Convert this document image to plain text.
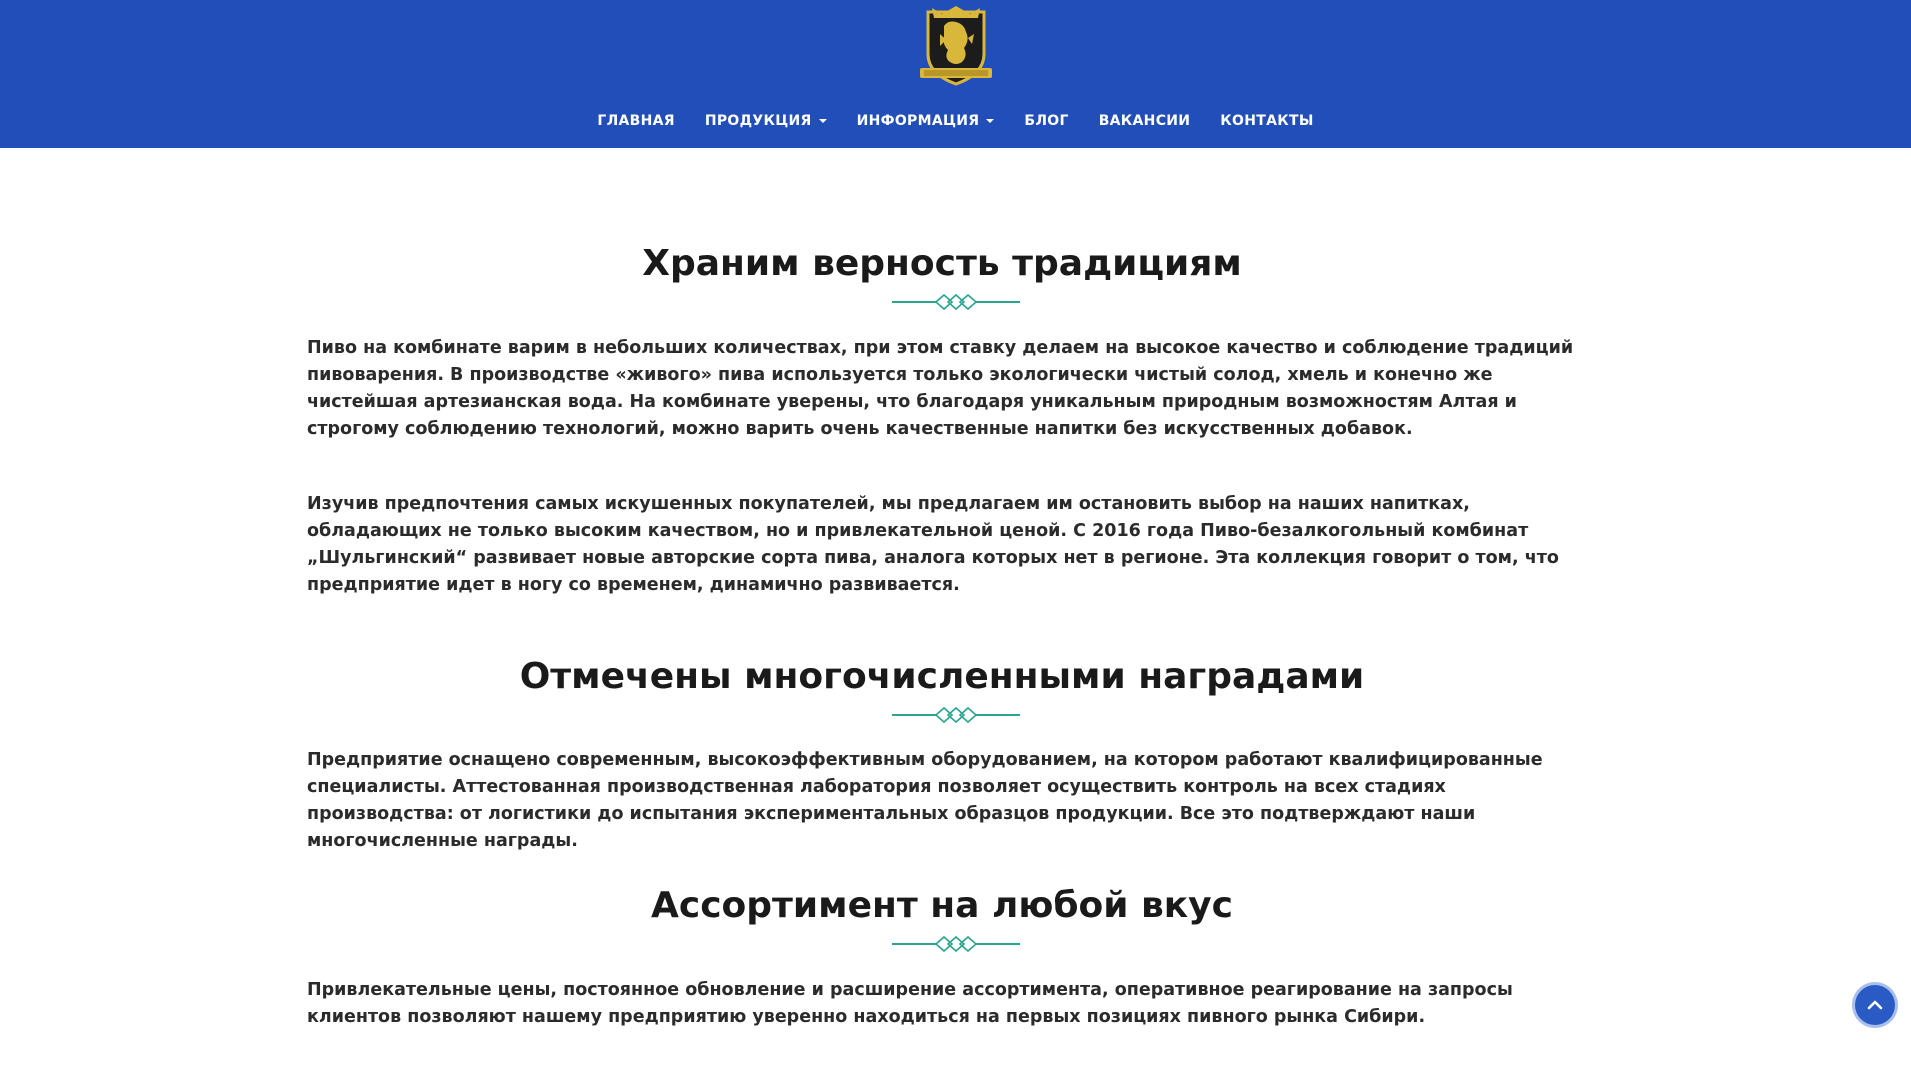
ГЛАВНАЯ ПРОДУКЦИЯ	ИНФОРМАЦИЯ	БЛОГ ВАКАНСИИ КОНТАКТЫ
Храним верность традициям

Пиво на комбинате варим в небольших количествах, при этом ставку делаем на высокое качество и соблюдение традиций пивоварения. В производстве «живого» пива используется только экологически чистый солод, хмель и конечно же чистейшая артезианская вода. На комбинате уверены, что благодаря уникальным природным возможностям Алтая и строгому соблюдению технологий, можно варить очень качественные напитки без искусственных добавок.

Изучив предпочтения самых искушенных покупателей, мы предлагаем им остановить выбор на наших напитках, обладающих не только высоким качеством, но и привлекательной ценой. С 2016 года Пиво-безалкогольный комбинат „Шульгинский“ развивает новые авторские сорта пива, аналога которых нет в регионе. Эта коллекция говорит о том, что предприятие идет в ногу со временем, динамично развивается.

Отмечены многочисленными наградами

Предприятие оснащено современным, высокоэффективным оборудованием, на котором работают квалифицированные специалисты. Аттестованная производственная лаборатория позволяет осуществить контроль на всех стадиях производства: от логистики до испытания экспериментальных образцов продукции. Все это подтверждают наши многочисленные награды.

Ассортимент на любой вкус

Привлекательные цены, постоянное обновление и расширение ассортимента, оперативное реагирование на запросы клиентов позволяют нашему предприятию уверенно находиться на первых позициях пивного рынка Сибири.
